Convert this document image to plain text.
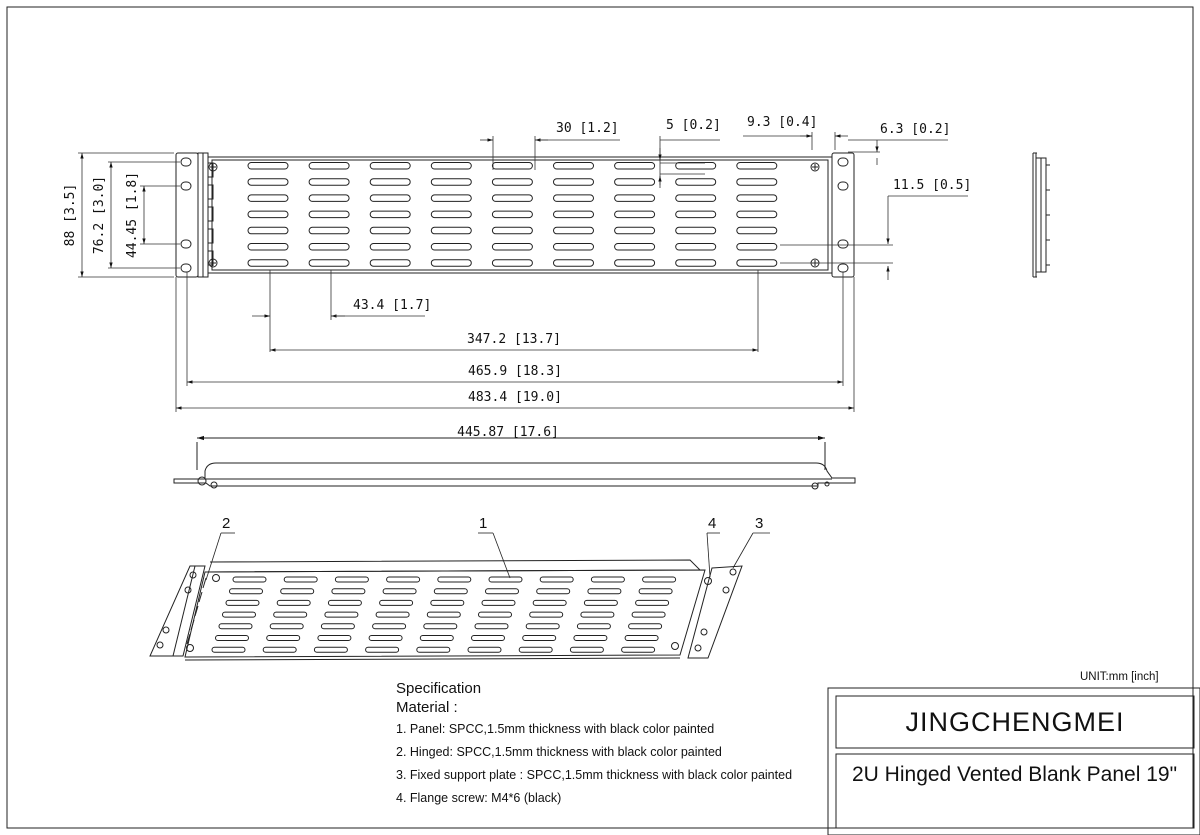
30 [1.2]	5 [0.2] 9.3 [0.4]	6.3 [0.2]
11.5 [0.5]
88 [3.5] 76.2 [3.0] 44.45 [1.8]
43.4 [1.7]
347.2 [13.7]
465.9 [18.3]
483.4 [19.0]
445.87 [17.6]
2	1	4	3
Specification
Material :
1. Panel: SPCC,1.5mm thickness with black color painted
2. Hinged: SPCC,1.5mm thickness with black color painted
3. Fixed support plate : SPCC,1.5mm thickness with black color painted
4. Flange screw: M4*6 (black)
UNIT:mm [inch]
JINGCHENGMEI
2U Hinged Vented Blank Panel 19"
